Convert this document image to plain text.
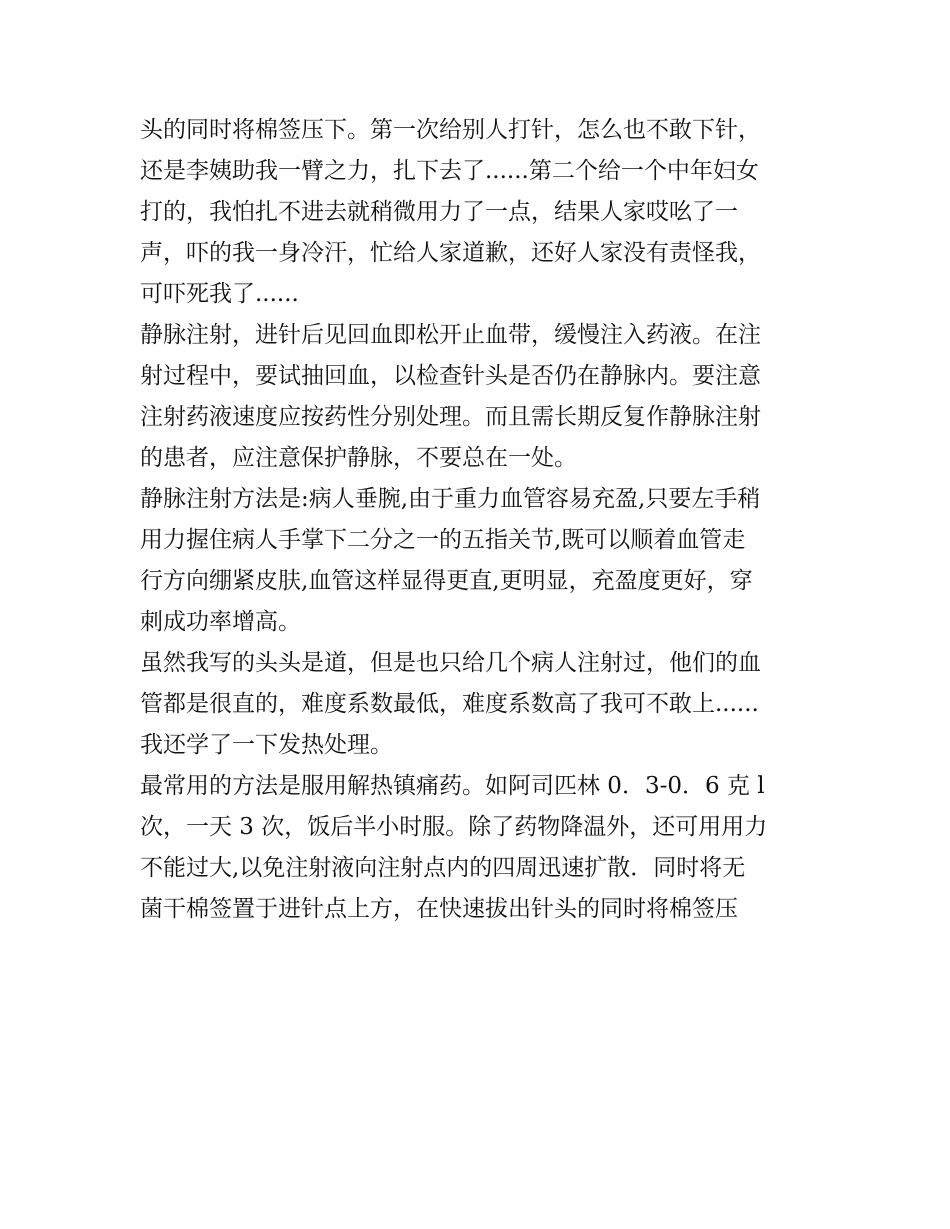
头的同时将棉签压下。第一次给别人打针，怎么也不敢下针，
还是李姨助我一臂之力，扎下去了......第二个给一个中年妇女
打的，我怕扎不进去就稍微用力了一点，结果人家哎吆了一
声，吓的我一身冷汗，忙给人家道歉，还好人家没有责怪我，
可吓死我了......
静脉注射，进针后见回血即松开止血带，缓慢注入药液。在注
射过程中，要试抽回血，以检查针头是否仍在静脉内。要注意
注射药液速度应按药性分别处理。而且需长期反复作静脉注射
的患者，应注意保护静脉，不要总在一处。
静脉注射方法是:病人垂腕,由于重力血管容易充盈,只要左手稍
用力握住病人手掌下二分之一的五指关节,既可以顺着血管走
行方向绷紧皮肤,血管这样显得更直,更明显，充盈度更好，穿
刺成功率增高。
虽然我写的头头是道，但是也只给几个病人注射过，他们的血
管都是很直的，难度系数最低，难度系数高了我可不敢上......
我还学了一下发热处理。
最常用的方法是服用解热镇痛药。如阿司匹林 0．3-0．6 克 l
次，一天 3 次，饭后半小时服。除了药物降温外，还可用用力
不能过大,以免注射液向注射点内的四周迅速扩散．同时将无
菌干棉签置于进针点上方，在快速拔出针头的同时将棉签压
